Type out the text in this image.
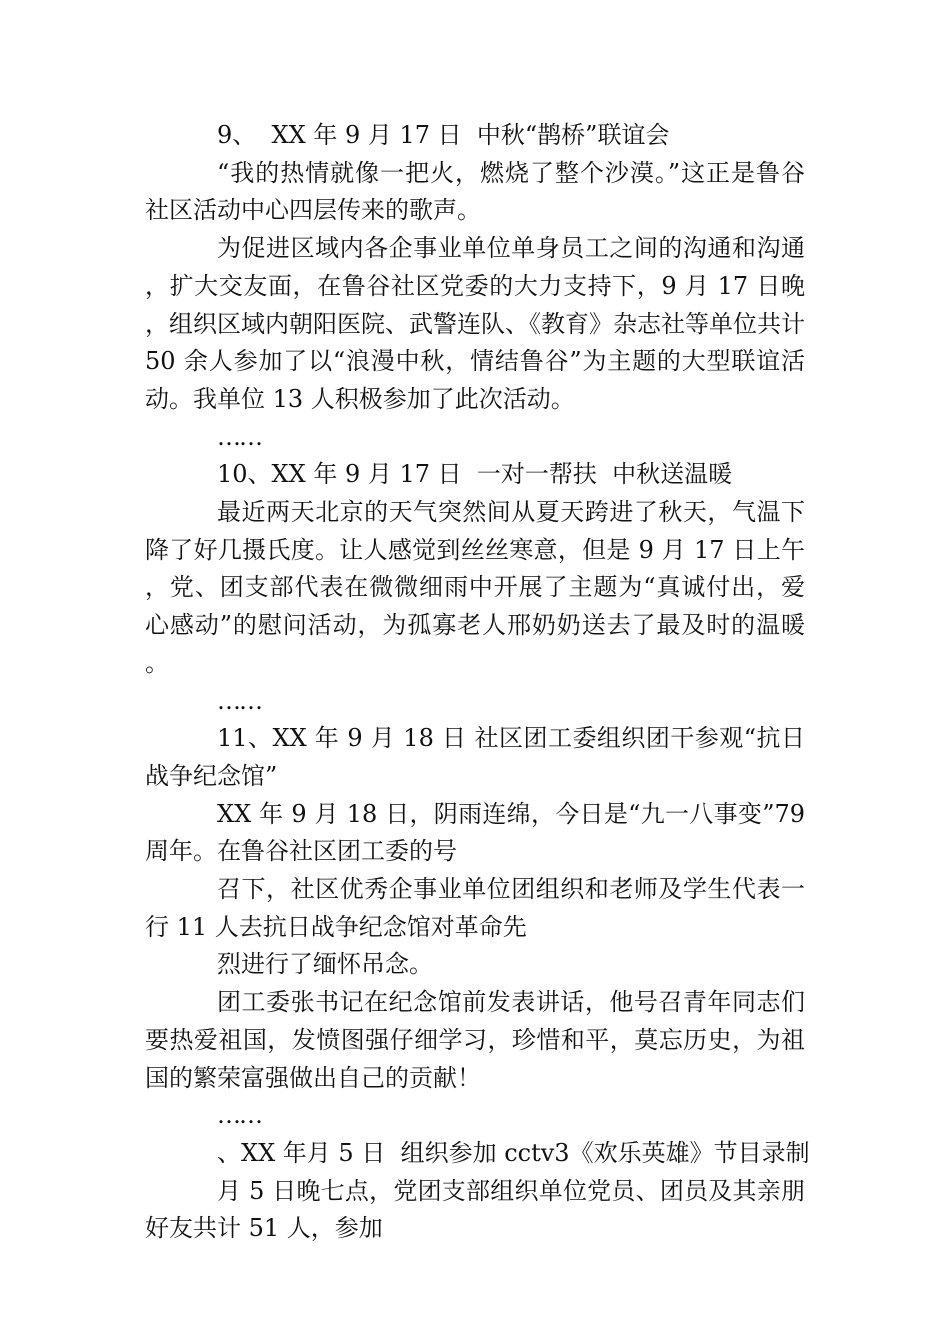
9、  XX 年 9 月 17 日  中秋“鹊桥”联谊会

“我的热情就像一把火，燃烧了整个沙漠。”这正是鲁谷社区活动中心四层传来的歌声。

为促进区域内各企事业单位单身员工之间的沟通和沟通，扩大交友面，在鲁谷社区党委的大力支持下，9 月 17 日晚，组织区域内朝阳医院、武警连队、《教育》杂志社等单位共计 50 余人参加了以“浪漫中秋，情结鲁谷”为主题的大型联谊活动。我单位 13 人积极参加了此次活动。

……

10、XX 年 9 月 17 日  一对一帮扶  中秋送温暖

最近两天北京的天气突然间从夏天跨进了秋天，气温下降了好几摄氏度。让人感觉到丝丝寒意，但是 9 月 17 日上午，党、团支部代表在微微细雨中开展了主题为“真诚付出，爱心感动”的慰问活动，为孤寡老人邢奶奶送去了最及时的温暖。

……

11、XX 年 9 月 18 日 社区团工委组织团干参观“抗日战争纪念馆”

XX 年 9 月 18 日，阴雨连绵，今日是“九一八事变”79 周年。在鲁谷社区团工委的号

召下，社区优秀企事业单位团组织和老师及学生代表一行 11 人去抗日战争纪念馆对革命先

烈进行了缅怀吊念。

团工委张书记在纪念馆前发表讲话，他号召青年同志们要热爱祖国，发愤图强仔细学习，珍惜和平，莫忘历史，为祖国的繁荣富强做出自己的贡献！

……

、XX 年月 5 日  组织参加 cctv3《欢乐英雄》节目录制

月 5 日晚七点，党团支部组织单位党员、团员及其亲朋好友共计 51 人，参加
